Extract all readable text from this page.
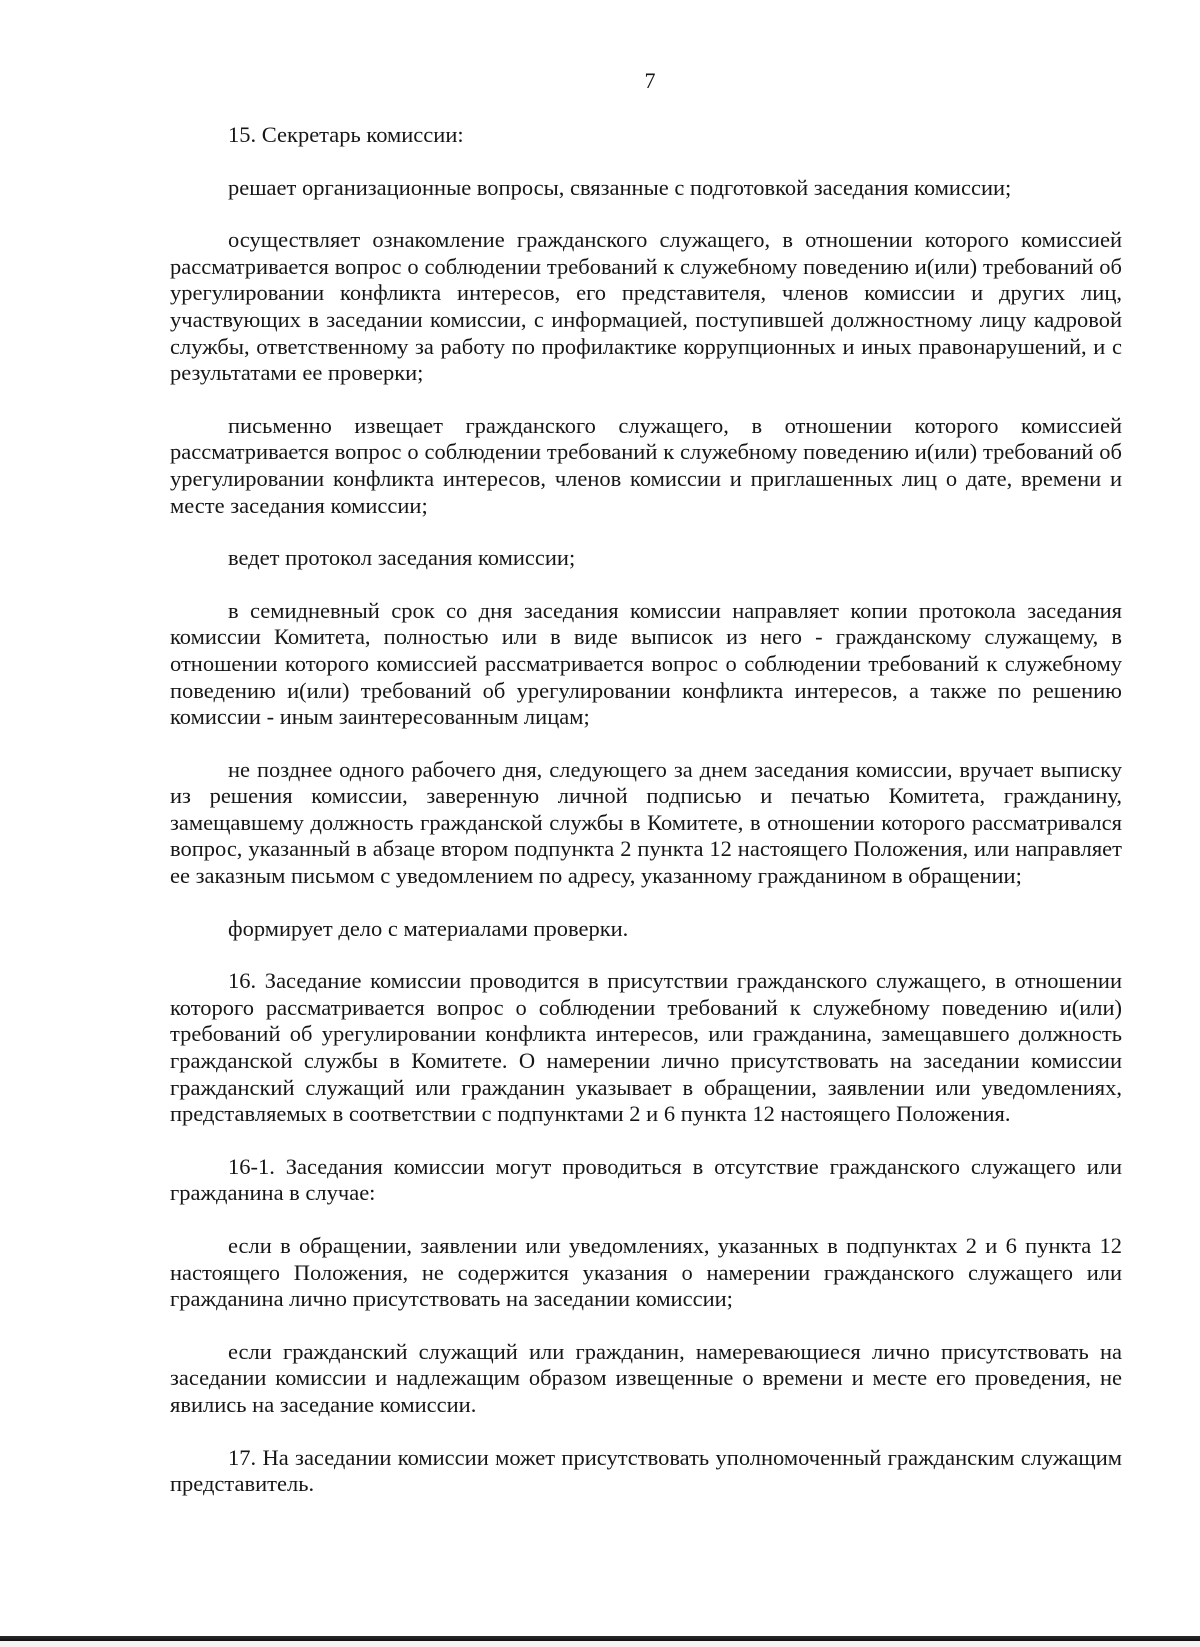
7

15. Секретарь комиссии:

решает организационные вопросы, связанные с подготовкой заседания комиссии;

осуществляет ознакомление гражданского служащего, в отношении которого комиссией рассматривается вопрос о соблюдении требований к служебному поведению и(или) требований об урегулировании конфликта интересов, его представителя, членов комиссии и других лиц, участвующих в заседании комиссии, с информацией, поступившей должностному лицу кадровой службы, ответственному за работу по профилактике коррупционных и иных правонарушений, и с результатами ее проверки;

письменно извещает гражданского служащего, в отношении которого комиссией рассматривается вопрос о соблюдении требований к служебному поведению и(или) требований об урегулировании конфликта интересов, членов комиссии и приглашенных лиц о дате, времени и месте заседания комиссии;

ведет протокол заседания комиссии;

в семидневный срок со дня заседания комиссии направляет копии протокола заседания комиссии Комитета, полностью или в виде выписок из него - гражданскому служащему, в отношении которого комиссией рассматривается вопрос о соблюдении требований к служебному поведению и(или) требований об урегулировании конфликта интересов, а также по решению комиссии - иным заинтересованным лицам;

не позднее одного рабочего дня, следующего за днем заседания комиссии, вручает выписку из решения комиссии, заверенную личной подписью и печатью Комитета, гражданину, замещавшему должность гражданской службы в Комитете, в отношении которого рассматривался вопрос, указанный в абзаце втором подпункта 2 пункта 12 настоящего Положения, или направляет ее заказным письмом с уведомлением по адресу, указанному гражданином в обращении;

формирует дело с материалами проверки.

16. Заседание комиссии проводится в присутствии гражданского служащего, в отношении которого рассматривается вопрос о соблюдении требований к служебному поведению и(или) требований об урегулировании конфликта интересов, или гражданина, замещавшего должность гражданской службы в Комитете. О намерении лично присутствовать на заседании комиссии гражданский служащий или гражданин указывает в обращении, заявлении или уведомлениях, представляемых в соответствии с подпунктами 2 и 6 пункта 12 настоящего Положения.

16-1. Заседания комиссии могут проводиться в отсутствие гражданского служащего или гражданина в случае:

если в обращении, заявлении или уведомлениях, указанных в подпунктах 2 и 6 пункта 12 настоящего Положения, не содержится указания о намерении гражданского служащего или гражданина лично присутствовать на заседании комиссии;

если гражданский служащий или гражданин, намеревающиеся лично присутствовать на заседании комиссии и надлежащим образом извещенные о времени и месте его проведения, не явились на заседание комиссии.

17. На заседании комиссии может присутствовать уполномоченный гражданским служащим представитель.
